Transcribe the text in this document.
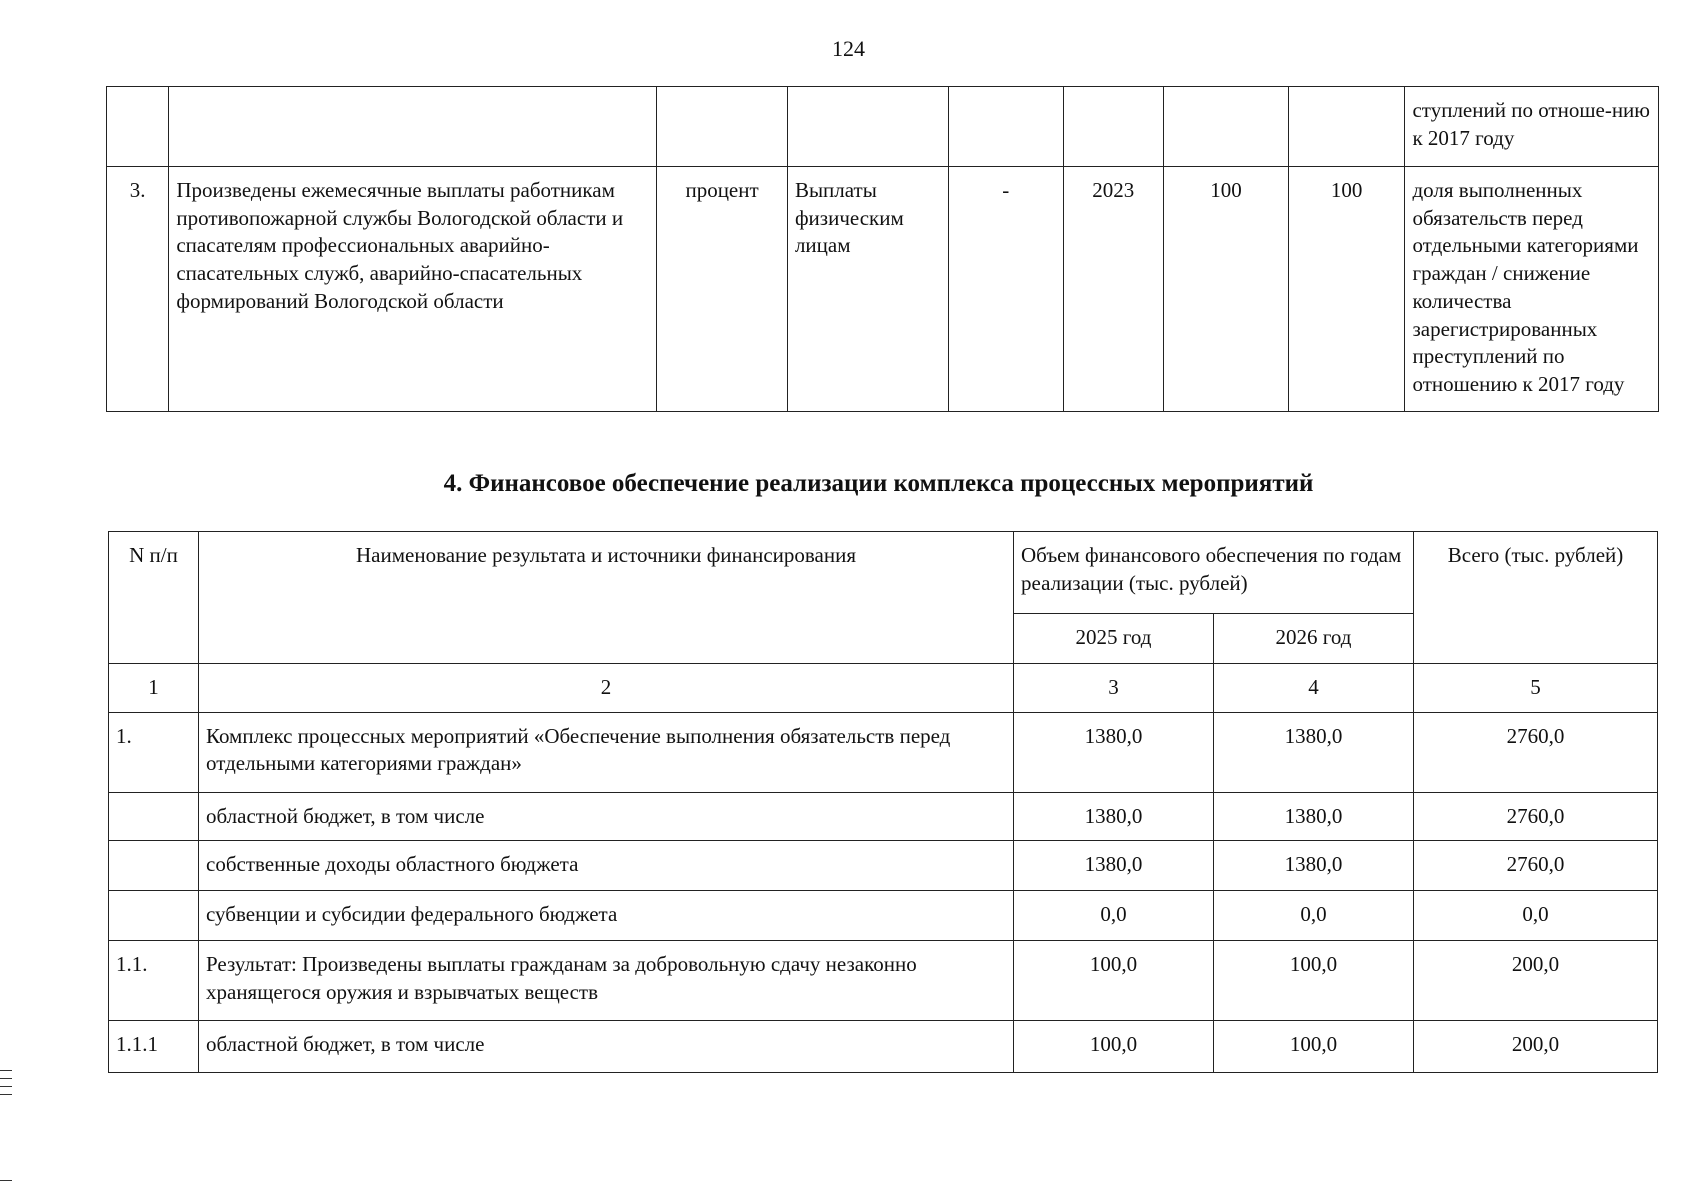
124
								ступлений по отноше-нию к 2017 году
3.	Произведены ежемесячные выплаты работникам противопожарной службы Вологодской области и спасателям профессиональных аварийно-спасательных служб, аварийно-спасательных формирований Вологодской области	процент	Выплаты физическим лицам	-	2023	100	100	доля выполненных обязательств перед отдельными категориями граждан / снижение количества зарегистрированных преступлений по отношению к 2017 году
4. Финансовое обеспечение реализации комплекса процессных мероприятий
N п/п	Наименование результата и источники финансирования	Объем финансового обеспечения по годам реализации (тыс. рублей)		Всего (тыс. рублей)
		2025 год	2026 год	
1	2	3	4	5
1.	Комплекс процессных мероприятий «Обеспечение выполнения обязательств перед отдельными категориями граждан»	1380,0	1380,0	2760,0
	областной бюджет, в том числе	1380,0	1380,0	2760,0
	собственные доходы областного бюджета	1380,0	1380,0	2760,0
	субвенции и субсидии федерального бюджета	0,0	0,0	0,0
1.1.	Результат: Произведены выплаты гражданам за добровольную сдачу незаконно хранящегося оружия и взрывчатых веществ	100,0	100,0	200,0
1.1.1	областной бюджет, в том числе	100,0	100,0	200,0
